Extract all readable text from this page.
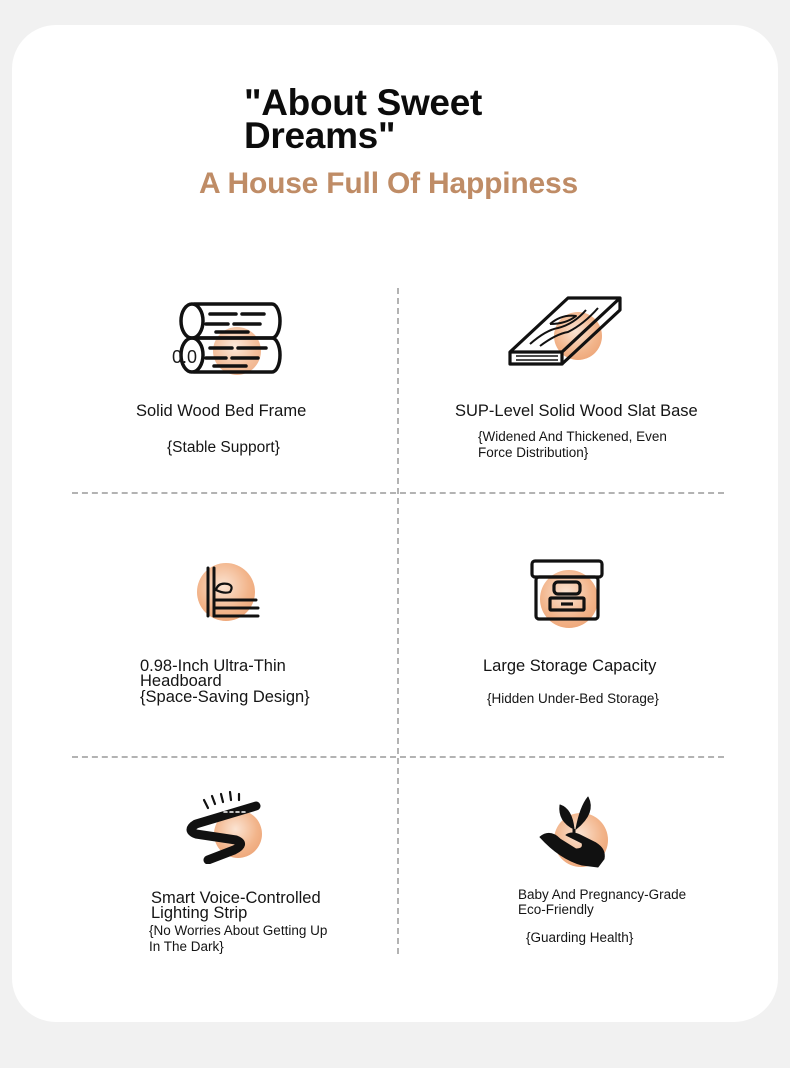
"About Sweet Dreams"
A House Full Of Happiness
0.0

Solid Wood Bed Frame

{Stable Support}

SUP-Level Solid Wood Slat Base

{Widened And Thickened, Even Force Distribution}

0.98-Inch Ultra-Thin Headboard

{Space-Saving Design}

Large Storage Capacity

{Hidden Under-Bed Storage}

Smart Voice-Controlled Lighting Strip

{No Worries About Getting Up In The Dark}

Baby And Pregnancy-Grade Eco-Friendly

{Guarding Health}
